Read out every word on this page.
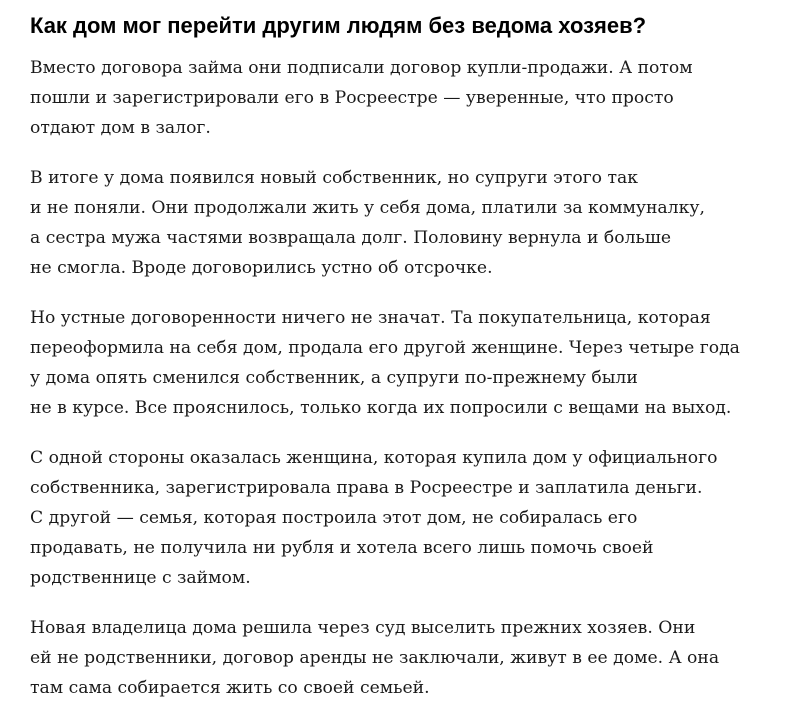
Как дом мог перейти другим людям без ведома хозяев?

Вместо договора займа они подписали договор купли-продажи. А потом
пошли и зарегистрировали его в Росреестре — уверенные, что просто
отдают дом в залог.

В итоге у дома появился новый собственник, но супруги этого так
и не поняли. Они продолжали жить у себя дома, платили за коммуналку,
а сестра мужа частями возвращала долг. Половину вернула и больше
не смогла. Вроде договорились устно об отсрочке.

Но устные договоренности ничего не значат. Та покупательница, которая
переоформила на себя дом, продала его другой женщине. Через четыре года
у дома опять сменился собственник, а супруги по-прежнему были
не в курсе. Все прояснилось, только когда их попросили с вещами на выход.

С одной стороны оказалась женщина, которая купила дом у официального
собственника, зарегистрировала права в Росреестре и заплатила деньги.
С другой — семья, которая построила этот дом, не собиралась его
продавать, не получила ни рубля и хотела всего лишь помочь своей
родственнице с займом.

Новая владелица дома решила через суд выселить прежних хозяев. Они
ей не родственники, договор аренды не заключали, живут в ее доме. А она
там сама собирается жить со своей семьей.
